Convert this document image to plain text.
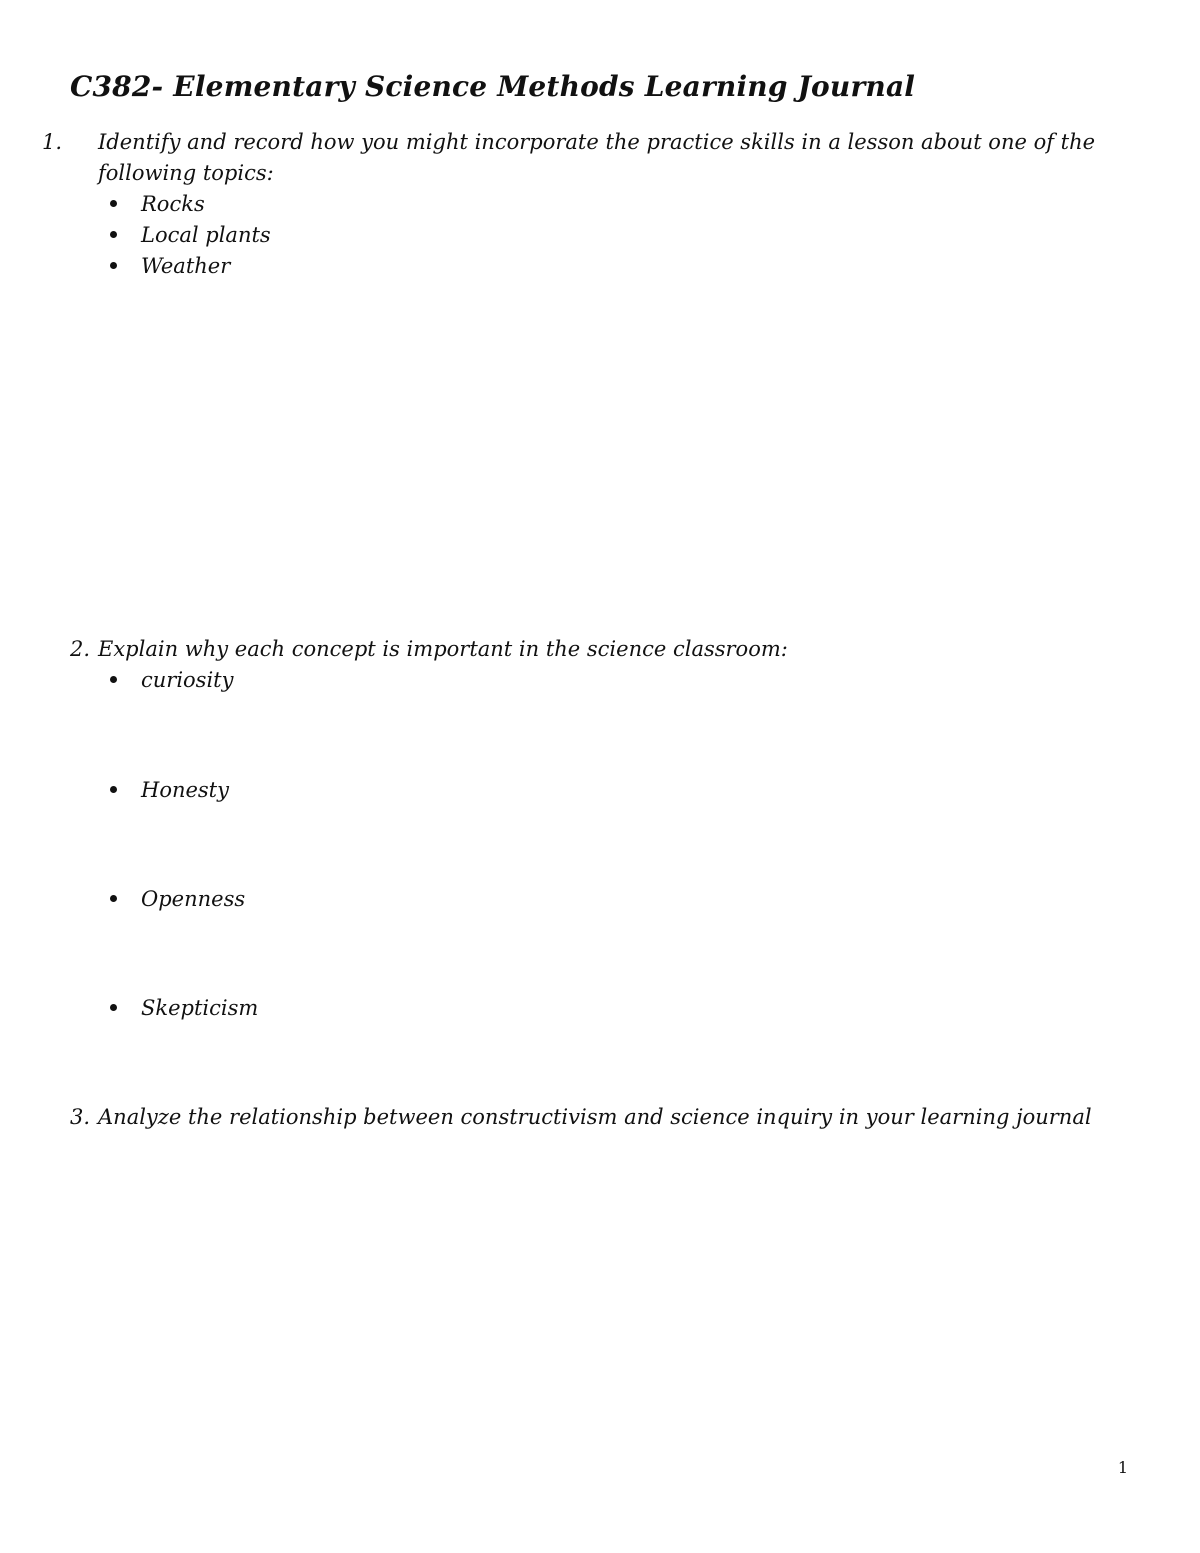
C382- Elementary Science Methods Learning Journal
1. Identify and record how you might incorporate the practice skills in a lesson about one of the following topics:
Rocks
Local plants
Weather
2. Explain why each concept is important in the science classroom:
curiosity
Honesty
Openness
Skepticism
3. Analyze the relationship between constructivism and science inquiry in your learning journal
1
